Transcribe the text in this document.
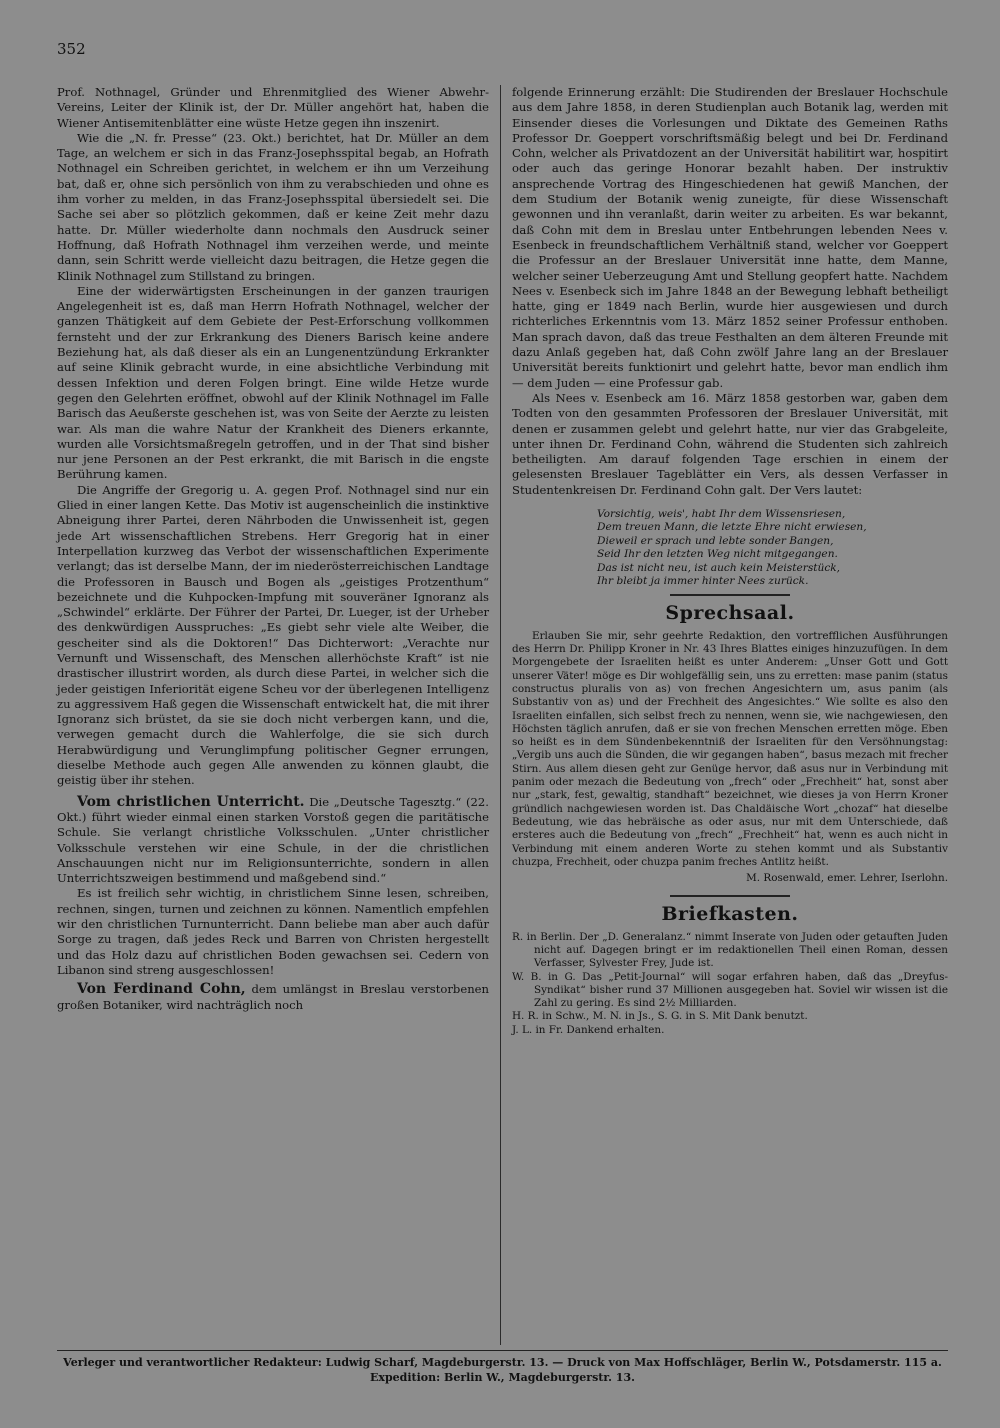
352

Prof. Nothnagel, Gründer und Ehrenmitglied des Wiener Abwehr-Vereins, Leiter der Klinik ist, der Dr. Müller angehört hat, haben die Wiener Antisemitenblätter eine wüste Hetze gegen ihn inszenirt.

Wie die „N. fr. Presse“ (23. Okt.) berichtet, hat Dr. Müller an dem Tage, an welchem er sich in das Franz-Josephsspital begab, an Hofrath Nothnagel ein Schreiben gerichtet, in welchem er ihn um Verzeihung bat, daß er, ohne sich persönlich von ihm zu verabschieden und ohne es ihm vorher zu melden, in das Franz-Josephsspital übersiedelt sei. Die Sache sei aber so plötzlich gekommen, daß er keine Zeit mehr dazu hatte. Dr. Müller wiederholte dann nochmals den Ausdruck seiner Hoffnung, daß Hofrath Nothnagel ihm verzeihen werde, und meinte dann, sein Schritt werde vielleicht dazu beitragen, die Hetze gegen die Klinik Nothnagel zum Stillstand zu bringen.

Eine der widerwärtigsten Erscheinungen in der ganzen traurigen Angelegenheit ist es, daß man Herrn Hofrath Nothnagel, welcher der ganzen Thätigkeit auf dem Gebiete der Pest-Erforschung vollkommen fernsteht und der zur Erkrankung des Dieners Barisch keine andere Beziehung hat, als daß dieser als ein an Lungenentzündung Erkrankter auf seine Klinik gebracht wurde, in eine absichtliche Verbindung mit dessen Infektion und deren Folgen bringt. Eine wilde Hetze wurde gegen den Gelehrten eröffnet, obwohl auf der Klinik Nothnagel im Falle Barisch das Aeußerste geschehen ist, was von Seite der Aerzte zu leisten war. Als man die wahre Natur der Krankheit des Dieners erkannte, wurden alle Vorsichtsmaßregeln getroffen, und in der That sind bisher nur jene Personen an der Pest erkrankt, die mit Barisch in die engste Berührung kamen.

Die Angriffe der Gregorig u. A. gegen Prof. Nothnagel sind nur ein Glied in einer langen Kette. Das Motiv ist augenscheinlich die instinktive Abneigung ihrer Partei, deren Nährboden die Unwissenheit ist, gegen jede Art wissenschaftlichen Strebens. Herr Gregorig hat in einer Interpellation kurzweg das Verbot der wissenschaftlichen Experimente verlangt; das ist derselbe Mann, der im niederösterreichischen Landtage die Professoren in Bausch und Bogen als „geistiges Protzenthum“ bezeichnete und die Kuhpocken-Impfung mit souveräner Ignoranz als „Schwindel“ erklärte. Der Führer der Partei, Dr. Lueger, ist der Urheber des denkwürdigen Ausspruches: „Es giebt sehr viele alte Weiber, die gescheiter sind als die Doktoren!“ Das Dichterwort: „Verachte nur Vernunft und Wissenschaft, des Menschen allerhöchste Kraft“ ist nie drastischer illustrirt worden, als durch diese Partei, in welcher sich die jeder geistigen Inferiorität eigene Scheu vor der überlegenen Intelligenz zu aggressivem Haß gegen die Wissenschaft entwickelt hat, die mit ihrer Ignoranz sich brüstet, da sie sie doch nicht verbergen kann, und die, verwegen gemacht durch die Wahlerfolge, die sie sich durch Herabwürdigung und Verunglimpfung politischer Gegner errungen, dieselbe Methode auch gegen Alle anwenden zu können glaubt, die geistig über ihr stehen.

Vom christlichen Unterricht. Die „Deutsche Tagesztg.“ (22. Okt.) führt wieder einmal einen starken Vorstoß gegen die paritätische Schule. Sie verlangt christliche Volksschulen. „Unter christlicher Volksschule verstehen wir eine Schule, in der die christlichen Anschauungen nicht nur im Religionsunterrichte, sondern in allen Unterrichtszweigen bestimmend und maßgebend sind.“

Es ist freilich sehr wichtig, in christlichem Sinne lesen, schreiben, rechnen, singen, turnen und zeichnen zu können. Namentlich empfehlen wir den christlichen Turnunterricht. Dann beliebe man aber auch dafür Sorge zu tragen, daß jedes Reck und Barren von Christen hergestellt und das Holz dazu auf christlichen Boden gewachsen sei. Cedern von Libanon sind streng ausgeschlossen!

Von Ferdinand Cohn, dem umlängst in Breslau verstorbenen großen Botaniker, wird nachträglich noch

folgende Erinnerung erzählt: Die Studirenden der Breslauer Hochschule aus dem Jahre 1858, in deren Studienplan auch Botanik lag, werden mit Einsender dieses die Vorlesungen und Diktate des Gemeinen Raths Professor Dr. Goeppert vorschriftsmäßig belegt und bei Dr. Ferdinand Cohn, welcher als Privatdozent an der Universität habilitirt war, hospitirt oder auch das geringe Honorar bezahlt haben. Der instruktiv ansprechende Vortrag des Hingeschiedenen hat gewiß Manchen, der dem Studium der Botanik wenig zuneigte, für diese Wissenschaft gewonnen und ihn veranlaßt, darin weiter zu arbeiten. Es war bekannt, daß Cohn mit dem in Breslau unter Entbehrungen lebenden Nees v. Esenbeck in freundschaftlichem Verhältniß stand, welcher vor Goeppert die Professur an der Breslauer Universität inne hatte, dem Manne, welcher seiner Ueberzeugung Amt und Stellung geopfert hatte. Nachdem Nees v. Esenbeck sich im Jahre 1848 an der Bewegung lebhaft betheiligt hatte, ging er 1849 nach Berlin, wurde hier ausgewiesen und durch richterliches Erkenntnis vom 13. März 1852 seiner Professur enthoben. Man sprach davon, daß das treue Festhalten an dem älteren Freunde mit dazu Anlaß gegeben hat, daß Cohn zwölf Jahre lang an der Breslauer Universität bereits funktionirt und gelehrt hatte, bevor man endlich ihm — dem Juden — eine Professur gab.

Als Nees v. Esenbeck am 16. März 1858 gestorben war, gaben dem Todten von den gesammten Professoren der Breslauer Universität, mit denen er zusammen gelebt und gelehrt hatte, nur vier das Grabgeleite, unter ihnen Dr. Ferdinand Cohn, während die Studenten sich zahlreich betheiligten. Am darauf folgenden Tage erschien in einem der gelesensten Breslauer Tageblätter ein Vers, als dessen Verfasser in Studentenkreisen Dr. Ferdinand Cohn galt. Der Vers lautet:

Vorsichtig, weis', habt Ihr dem Wissensriesen,
Dem treuen Mann, die letzte Ehre nicht erwiesen,
Dieweil er sprach und lebte sonder Bangen,
Seid Ihr den letzten Weg nicht mitgegangen.
Das ist nicht neu, ist auch kein Meisterstück,
Ihr bleibt ja immer hinter Nees zurück.
Sprechsaal.

Erlauben Sie mir, sehr geehrte Redaktion, den vortrefflichen Ausführungen des Herrn Dr. Philipp Kroner in Nr. 43 Ihres Blattes einiges hinzuzufügen. In dem Morgengebete der Israeliten heißt es unter Anderem: „Unser Gott und Gott unserer Väter! möge es Dir wohlgefällig sein, uns zu erretten: mase panim (status constructus pluralis von as) von frechen Angesichtern um, asus panim (als Substantiv von as) und der Frechheit des Angesichtes.“ Wie sollte es also den Israeliten einfallen, sich selbst frech zu nennen, wenn sie, wie nachgewiesen, den Höchsten täglich anrufen, daß er sie von frechen Menschen erretten möge. Eben so heißt es in dem Sündenbekenntniß der Israeliten für den Versöhnungstag: „Vergib uns auch die Sünden, die wir gegangen haben“, basus mezach mit frecher Stirn. Aus allem diesen geht zur Genüge hervor, daß asus nur in Verbindung mit panim oder mezach die Bedeutung von „frech“ oder „Frechheit“ hat, sonst aber nur „stark, fest, gewaltig, standhaft“ bezeichnet, wie dieses ja von Herrn Kroner gründlich nachgewiesen worden ist. Das Chaldäische Wort „chozaf“ hat dieselbe Bedeutung, wie das hebräische as oder asus, nur mit dem Unterschiede, daß ersteres auch die Bedeutung von „frech“ „Frechheit“ hat, wenn es auch nicht in Verbindung mit einem anderen Worte zu stehen kommt und als Substantiv chuzpa, Frechheit, oder chuzpa panim freches Antlitz heißt.

M. Rosenwald, emer. Lehrer, Iserlohn.
Briefkasten.

R. in Berlin. Der „D. Generalanz.“ nimmt Inserate von Juden oder getauften Juden nicht auf. Dagegen bringt er im redaktionellen Theil einen Roman, dessen Verfasser, Sylvester Frey, Jude ist.

W. B. in G. Das „Petit-Journal“ will sogar erfahren haben, daß das „Dreyfus-Syndikat“ bisher rund 37 Millionen ausgegeben hat. Soviel wir wissen ist die Zahl zu gering. Es sind 2½ Milliarden.

H. R. in Schw., M. N. in Js., S. G. in S. Mit Dank benutzt.

J. L. in Fr. Dankend erhalten.

Verleger und verantwortlicher Redakteur: Ludwig Scharf, Magdeburgerstr. 13. — Druck von Max Hoffschläger, Berlin W., Potsdamerstr. 115 a.
Expedition: Berlin W., Magdeburgerstr. 13.
